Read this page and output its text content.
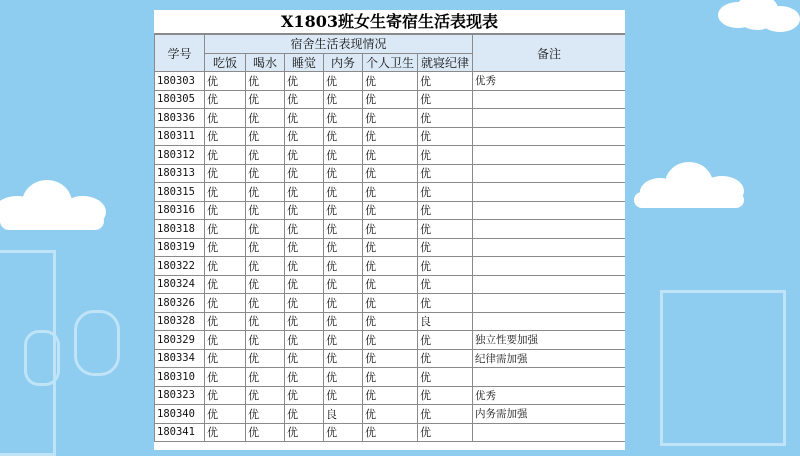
X1803班女生寄宿生活表现表
学号	宿舍生活表现情况						备注
	吃饭	喝水	睡觉	内务	个人卫生	就寝纪律	
180303	优	优	优	优	优	优	优秀
180305	优	优	优	优	优	优	
180336	优	优	优	优	优	优	
180311	优	优	优	优	优	优	
180312	优	优	优	优	优	优	
180313	优	优	优	优	优	优	
180315	优	优	优	优	优	优	
180316	优	优	优	优	优	优	
180318	优	优	优	优	优	优	
180319	优	优	优	优	优	优	
180322	优	优	优	优	优	优	
180324	优	优	优	优	优	优	
180326	优	优	优	优	优	优	
180328	优	优	优	优	优	良	
180329	优	优	优	优	优	优	独立性要加强
180334	优	优	优	优	优	优	纪律需加强
180310	优	优	优	优	优	优	
180323	优	优	优	优	优	优	优秀
180340	优	优	优	良	优	优	内务需加强
180341	优	优	优	优	优	优	
